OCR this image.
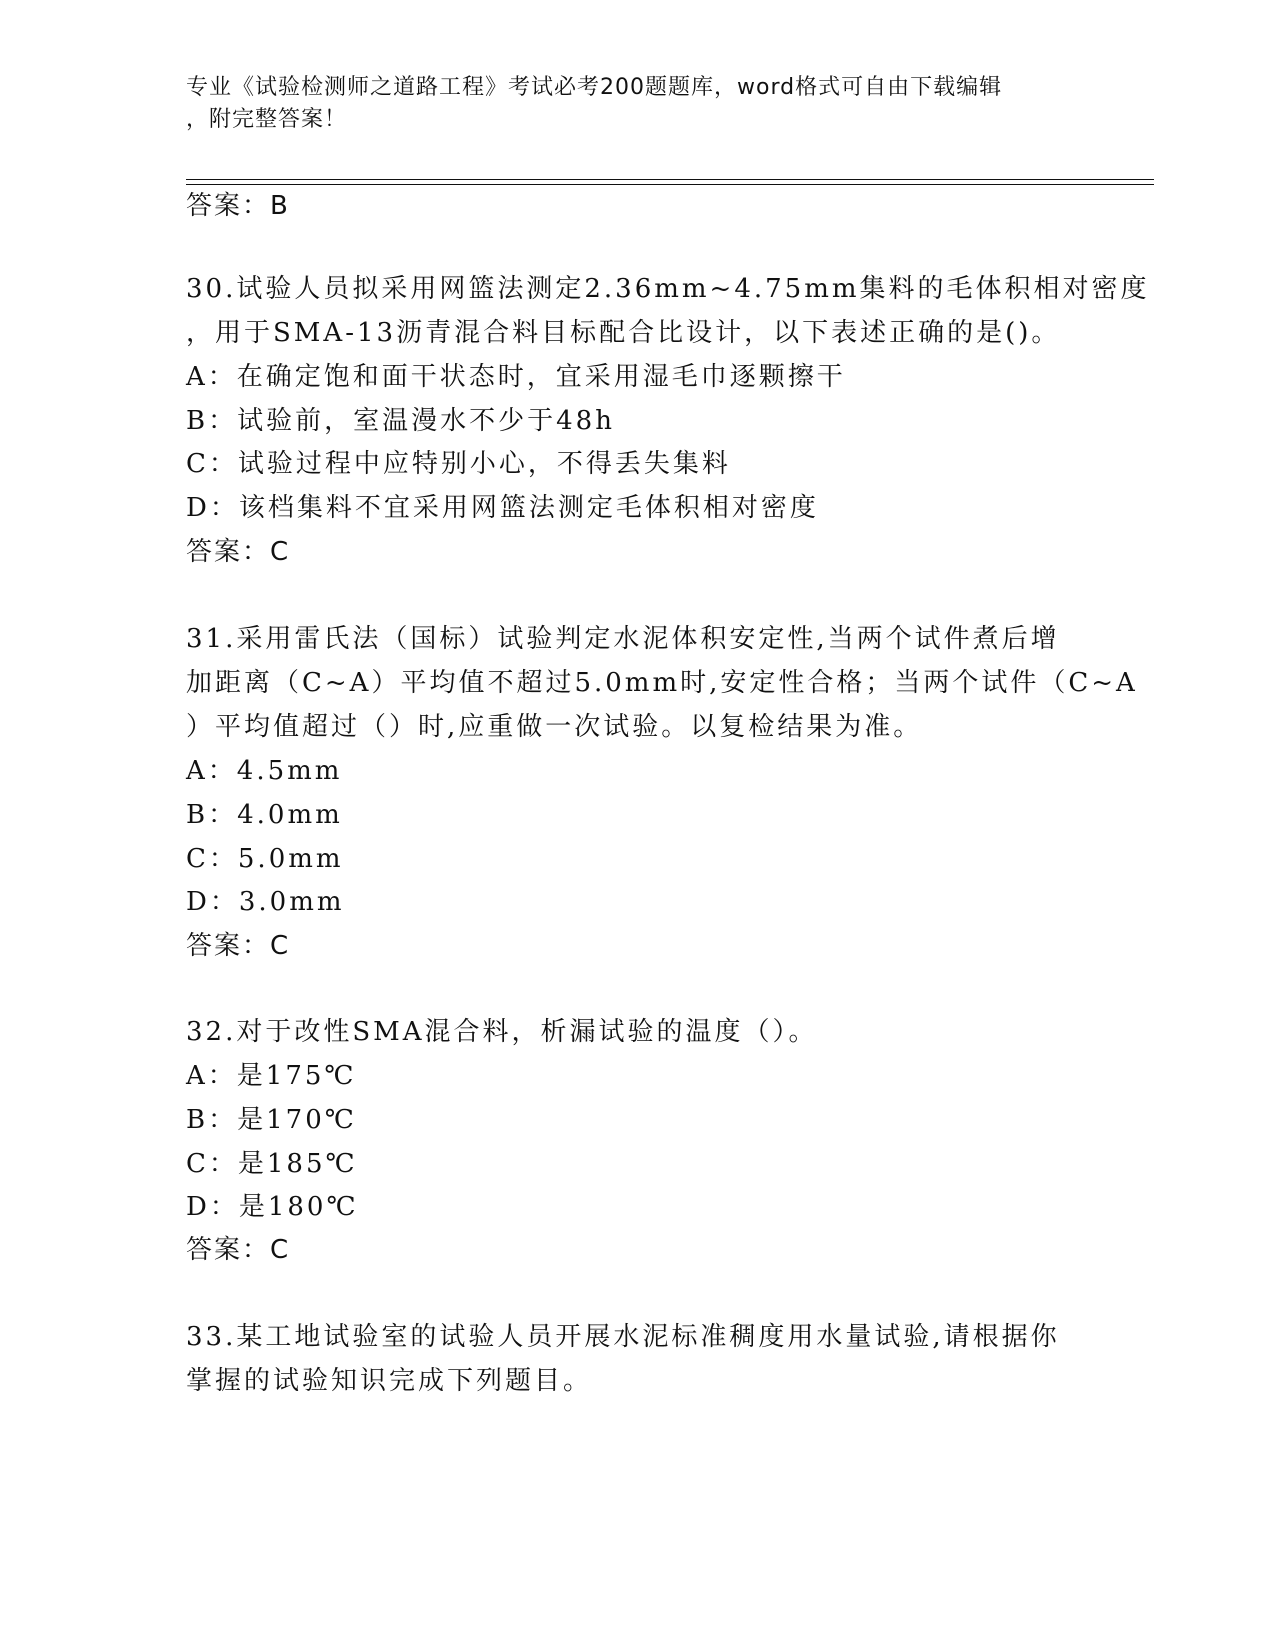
专业《试验检测师之道路工程》考试必考200题题库，word格式可自由下载编辑
，附完整答案！
答案：B
30.试验人员拟采用网篮法测定2.36mm~4.75mm集料的毛体积相对密度
，用于SMA-13沥青混合料目标配合比设计，以下表述正确的是()。
A：在确定饱和面干状态时，宜采用湿毛巾逐颗擦干
B：试验前，室温漫水不少于48h
C：试验过程中应特别小心，不得丢失集料
D：该档集料不宜采用网篮法测定毛体积相对密度
答案：C
31.采用雷氏法（国标）试验判定水泥体积安定性,当两个试件煮后增
加距离（C~A）平均值不超过5.0mm时,安定性合格；当两个试件（C~A
）平均值超过（）时,应重做一次试验。以复检结果为准。
A：4.5mm
B：4.0mm
C：5.0mm
D：3.0mm
答案：C
32.对于改性SMA混合料，析漏试验的温度（）。
A：是175℃
B：是170℃
C：是185℃
D：是180℃
答案：C
33.某工地试验室的试验人员开展水泥标准稠度用水量试验,请根据你
掌握的试验知识完成下列题目。
